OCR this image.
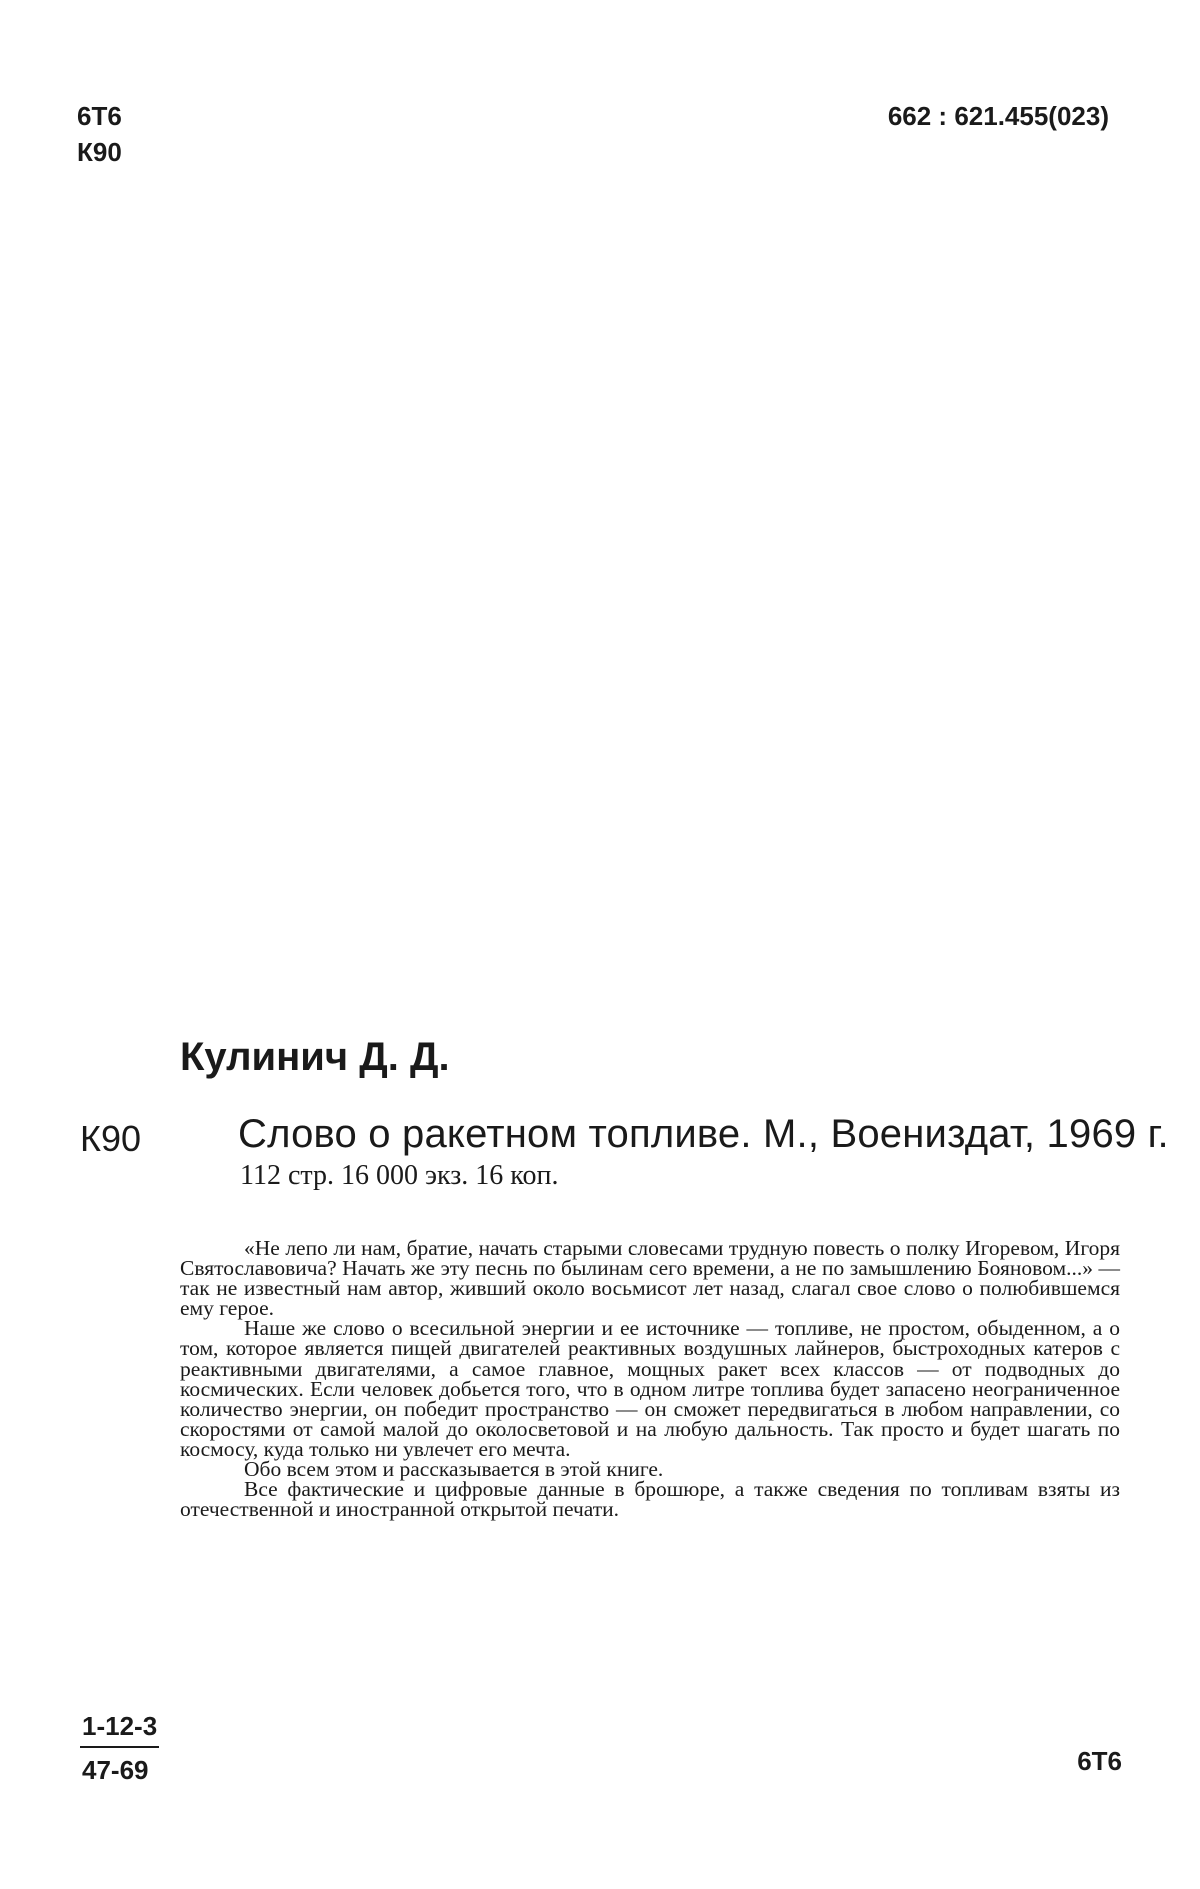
6Т6
К90
662 : 621.455(023)
Кулинич Д. Д.
К90 Слово о ракетном топливе. М., Воениздат, 1969 г.
112 стр. 16 000 экз. 16 коп.

«Не лепо ли нам, братие, начать старыми словесами трудную повесть о полку Игоревом, Игоря Святославовича? Начать же эту песнь по былинам сего времени, а не по замышлению Бояновом...» — так не известный нам автор, живший около восьмисот лет назад, слагал свое слово о полюбившемся ему герое.

Наше же слово о всесильной энергии и ее источнике — топливе, не простом, обыденном, а о том, которое является пищей двигателей реактивных воздушных лайнеров, быстроходных катеров с реактивными двигателями, а самое главное, мощных ракет всех классов — от подводных до космических. Если человек добьется того, что в одном литре топлива будет запасено неограниченное количество энергии, он победит пространство — он сможет передвигаться в любом направлении, со скоростями от самой малой до околосветовой и на любую дальность. Так просто и будет шагать по космосу, куда только ни увлечет его мечта.

Обо всем этом и рассказывается в этой книге.

Все фактические и цифровые данные в брошюре, а также сведения по топливам взяты из отечественной и иностранной открытой печати.

1-12-3
47-69	6Т6
